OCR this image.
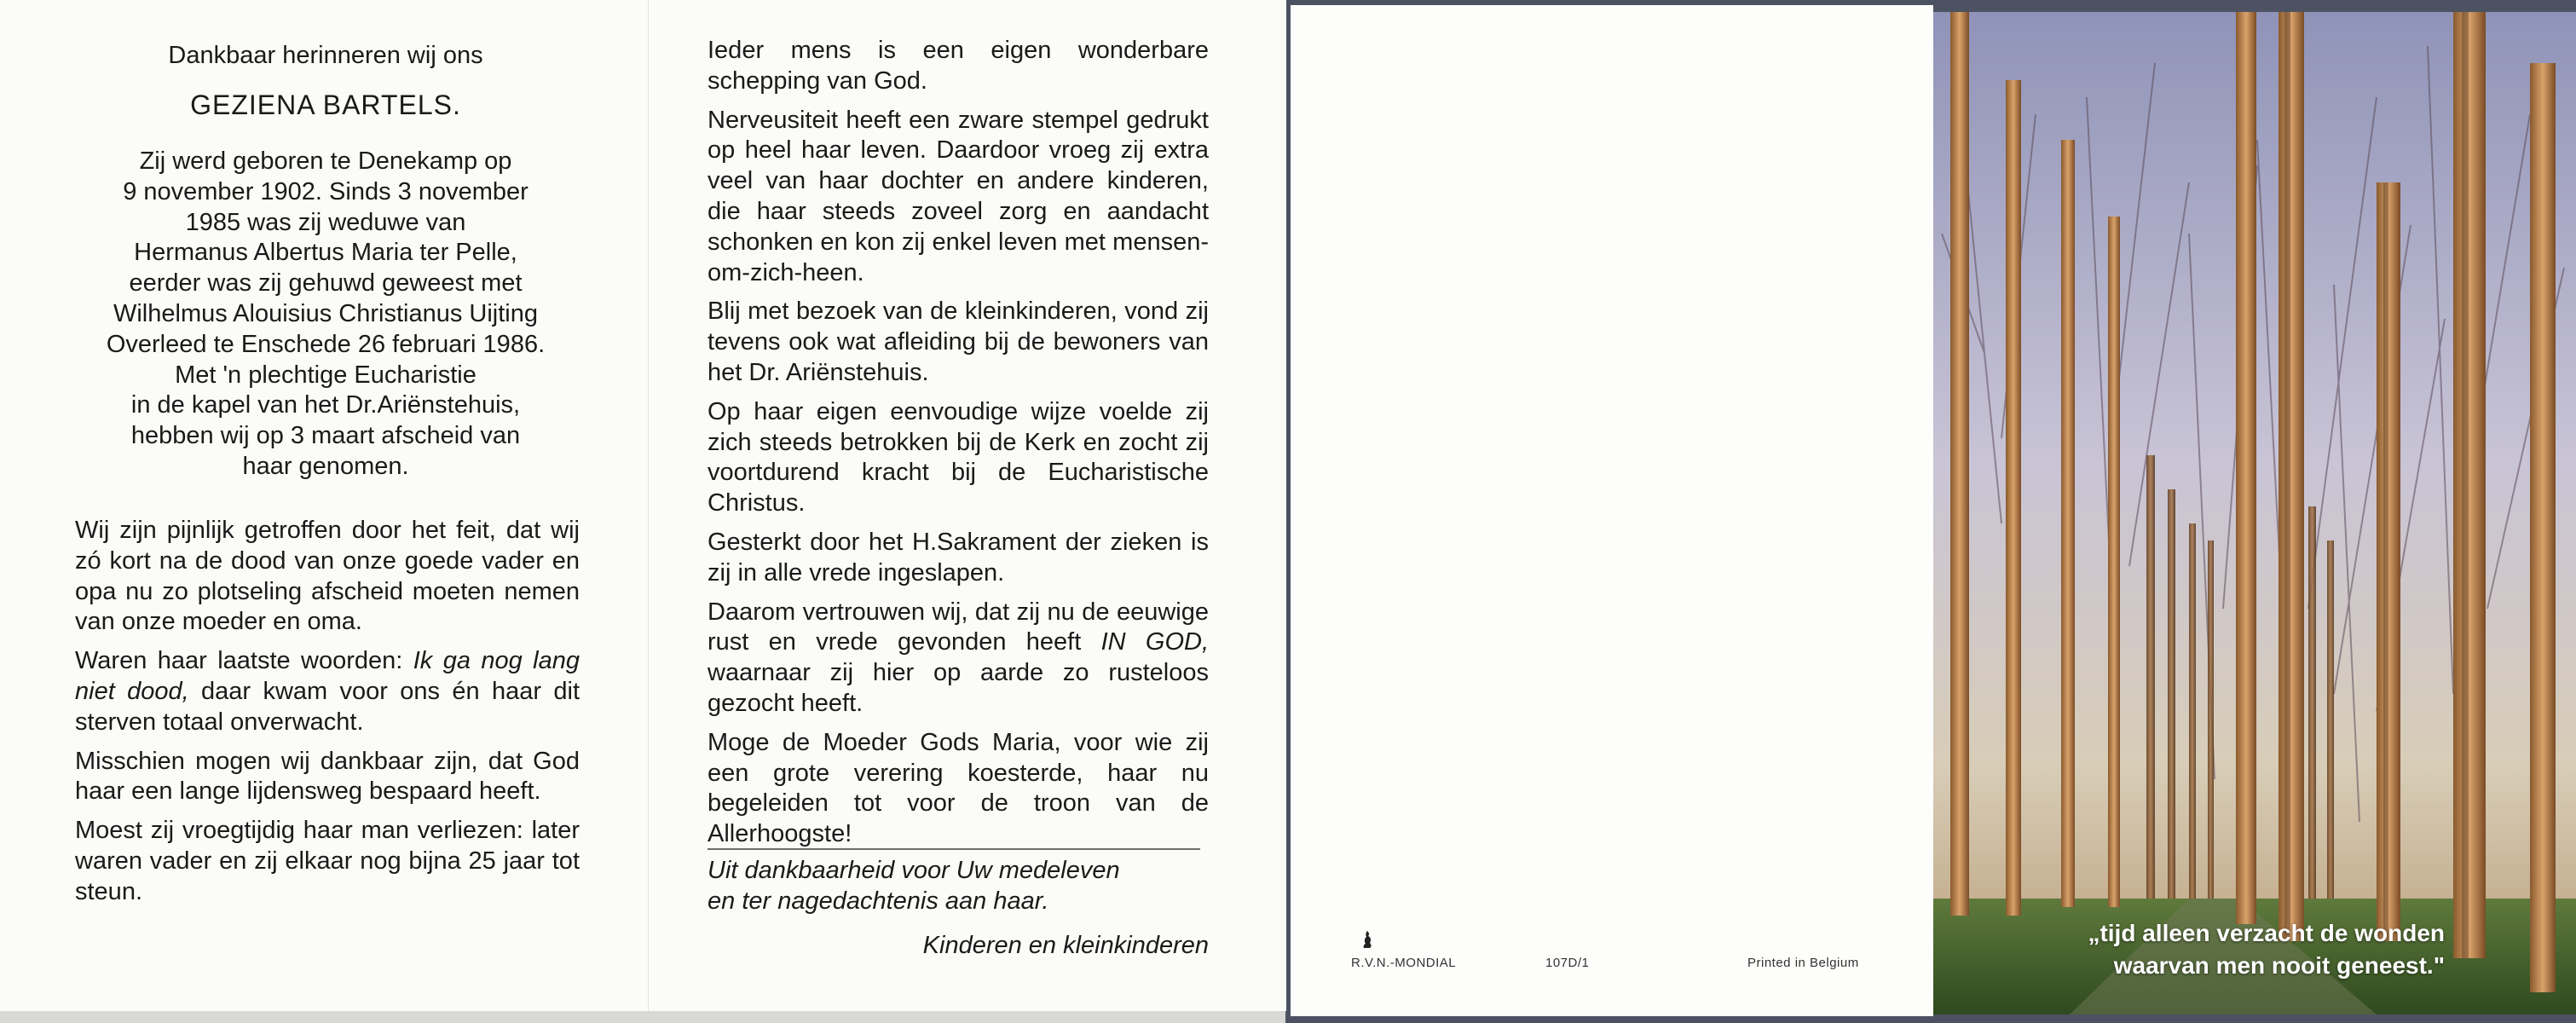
Dankbaar herinneren wij ons
GEZIENA BARTELS.
Zij werd geboren te Denekamp op
9 november 1902. Sinds 3 november
1985 was zij weduwe van
Hermanus Albertus Maria ter Pelle,
eerder was zij gehuwd geweest met
Wilhelmus Alouisius Christianus Uijting
Overleed te Enschede 26 februari 1986.
Met 'n plechtige Eucharistie
in de kapel van het Dr.Ariënstehuis,
hebben wij op 3 maart afscheid van
haar genomen.

Wij zijn pijnlijk getroffen door het feit, dat wij zó kort na de dood van onze goede vader en opa nu zo plotseling afscheid moeten nemen van onze moeder en oma.

Waren haar laatste woorden: Ik ga nog lang niet dood, daar kwam voor ons én haar dit sterven totaal onverwacht.

Misschien mogen wij dankbaar zijn, dat God haar een lange lijdensweg bespaard heeft.

Moest zij vroegtijdig haar man verliezen: later waren vader en zij elkaar nog bijna 25 jaar tot steun.

Ieder mens is een eigen wonderbare schepping van God.

Nerveusiteit heeft een zware stempel gedrukt op heel haar leven. Daardoor vroeg zij extra veel van haar dochter en andere kinderen, die haar steeds zoveel zorg en aandacht schonken en kon zij enkel leven met mensen-om-zich-heen.

Blij met bezoek van de kleinkinderen, vond zij tevens ook wat afleiding bij de bewoners van het Dr. Ariënstehuis.

Op haar eigen eenvoudige wijze voelde zij zich steeds betrokken bij de Kerk en zocht zij voortdurend kracht bij de Eucharistische Christus.

Gesterkt door het H.Sakrament der zieken is zij in alle vrede ingeslapen.

Daarom vertrouwen wij, dat zij nu de eeuwige rust en vrede gevonden heeft IN GOD, waarnaar zij hier op aarde zo rusteloos gezocht heeft.

Moge de Moeder Gods Maria, voor wie zij een grote verering koesterde, haar nu begeleiden tot voor de troon van de Allerhoogste!

Uit dankbaarheid voor Uw medeleven
en ter nagedachtenis aan haar.
Kinderen en kleinkinderen
R.V.N.-MONDIAL	107D/1	Printed in Belgium
„tijd alleen verzacht de wonden
waarvan men nooit geneest."
